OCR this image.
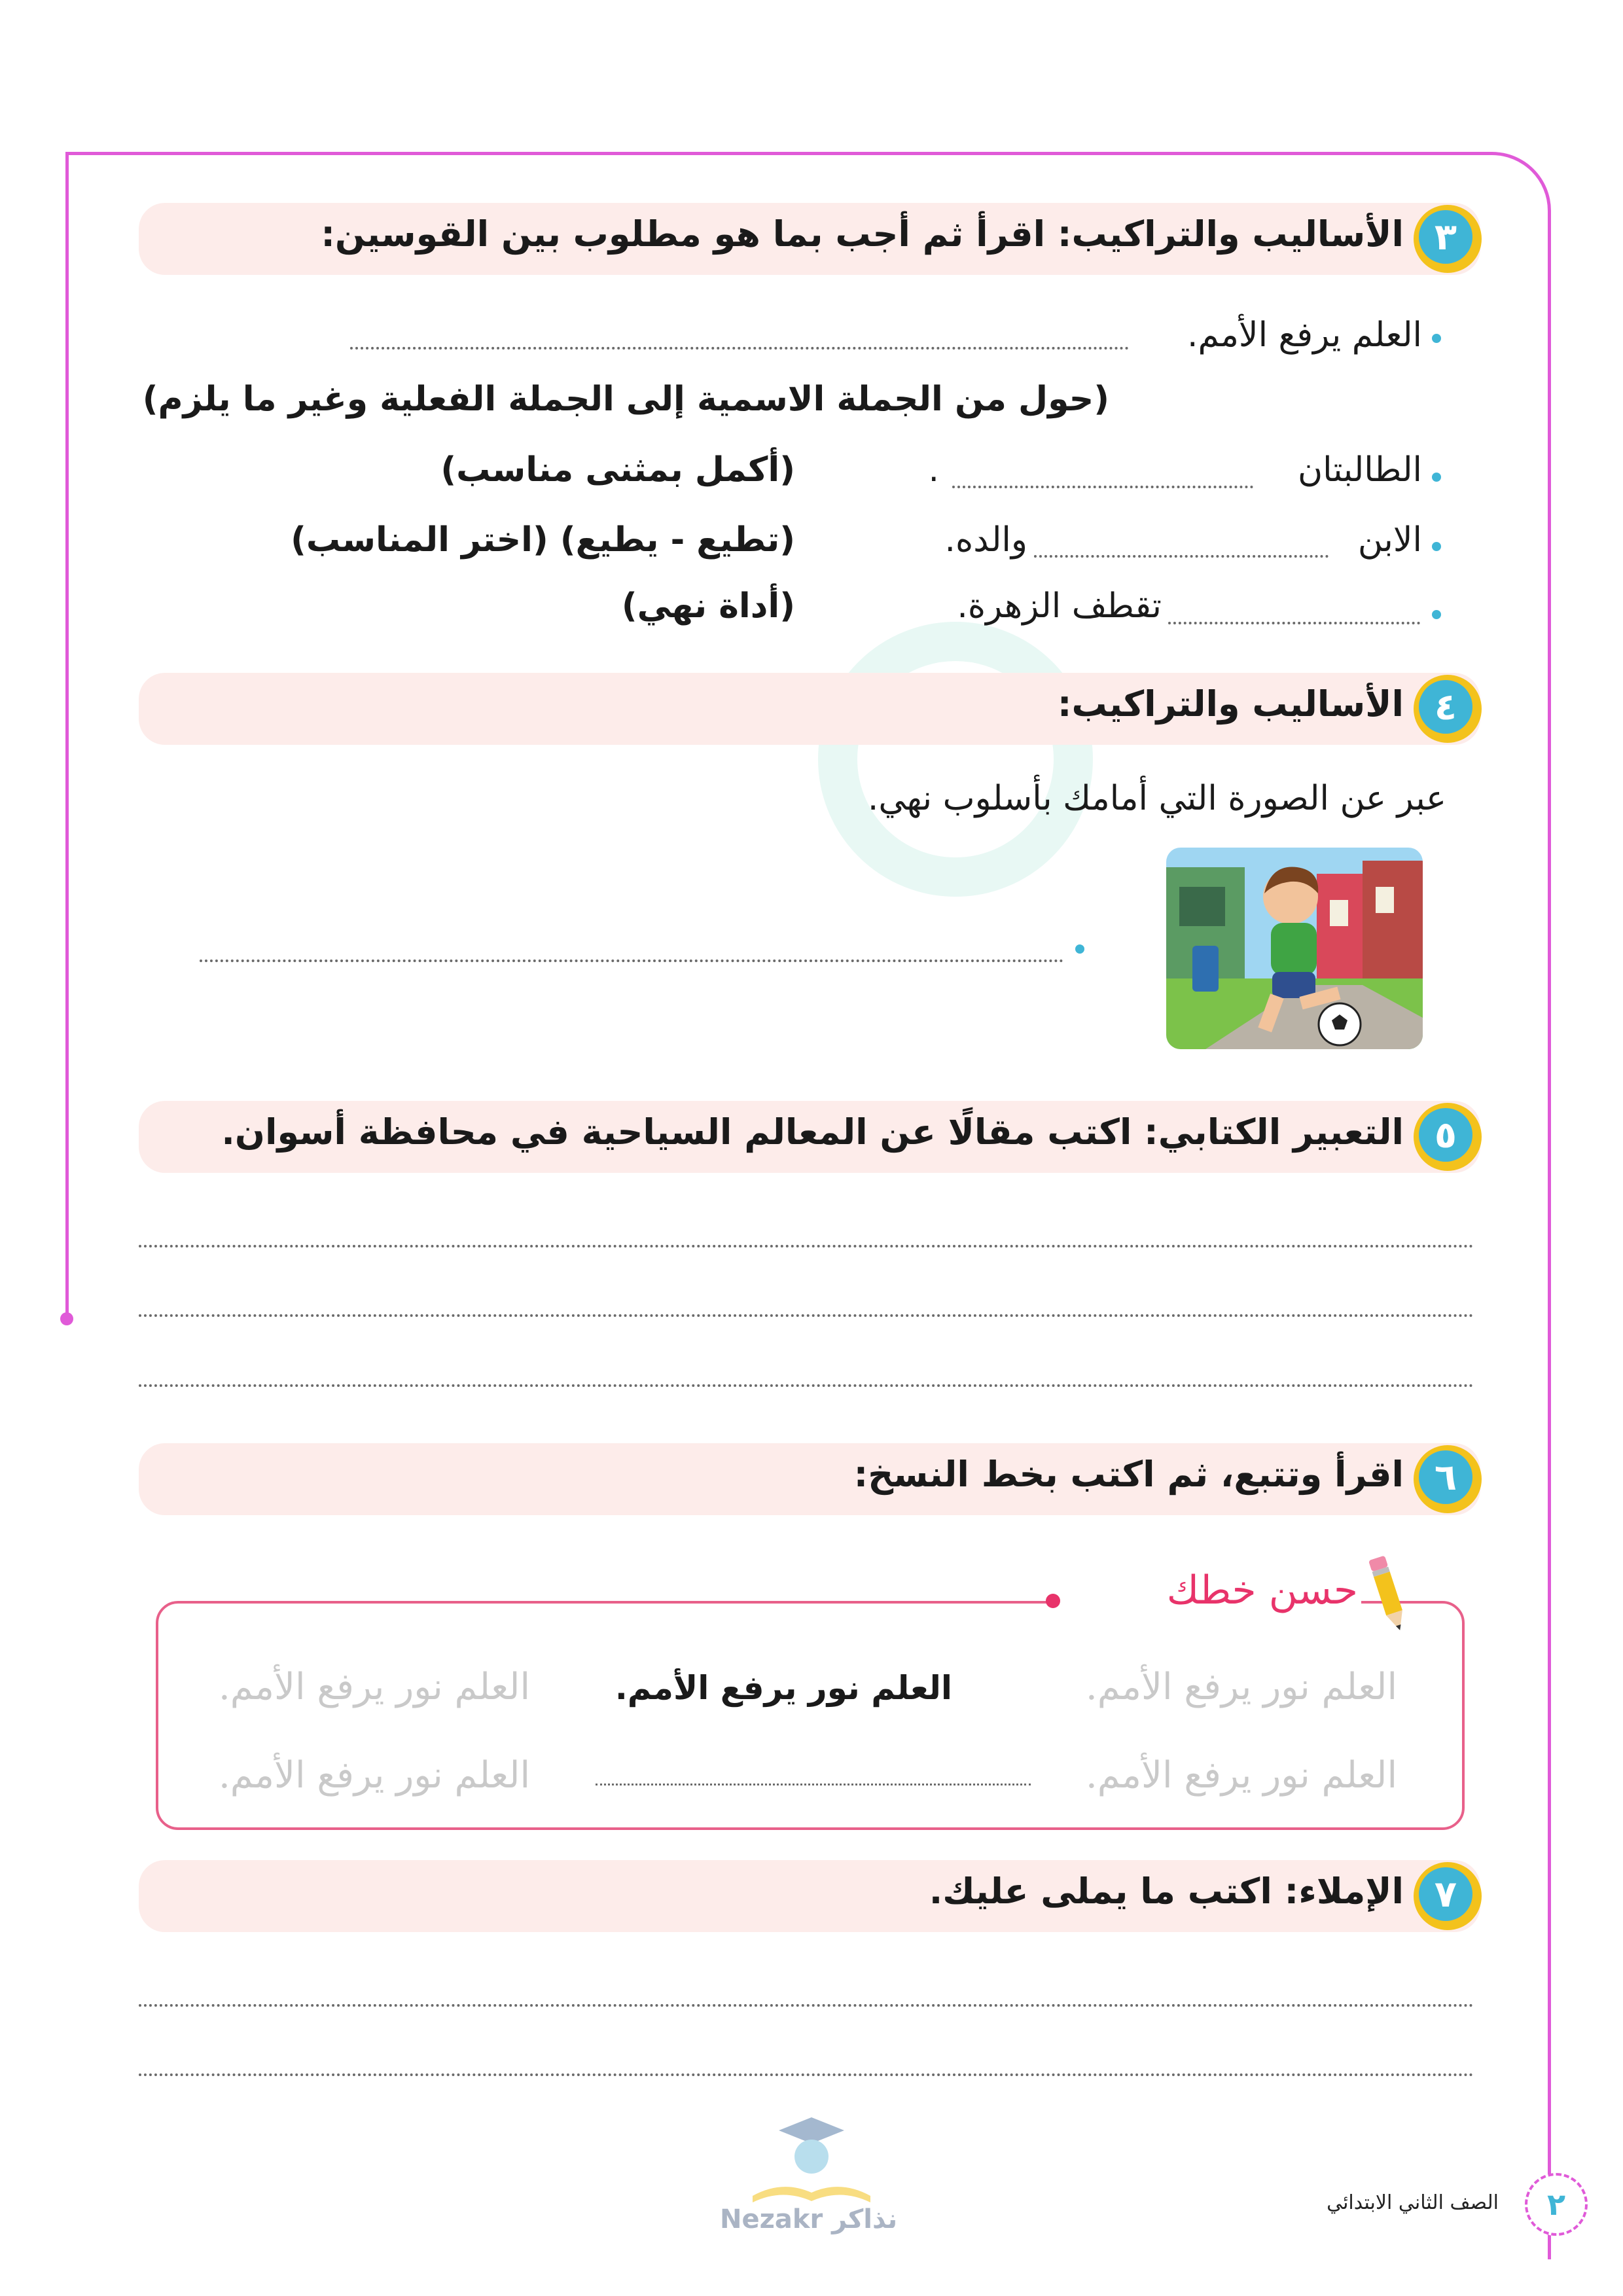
٣
الأساليب والتراكيب: اقرأ ثم أجب بما هو مطلوب بين القوسين:
العلم يرفع الأمم.
(حول من الجملة الاسمية إلى الجملة الفعلية وغير ما يلزم)
الطالبتان
.
(أكمل بمثنى مناسب)
الابن
والده.
(تطيع - يطيع) (اختر المناسب)
تقطف الزهرة.
(أداة نهي)
٤
الأساليب والتراكيب:
عبر عن الصورة التي أمامك بأسلوب نهي.
٥
التعبير الكتابي: اكتب مقالًا عن المعالم السياحية في محافظة أسوان.
٦
اقرأ وتتبع، ثم اكتب بخط النسخ:
حسن خطك
العلم نور يرفع الأمم.
العلم نور يرفع الأمم.
العلم نور يرفع الأمم.
العلم نور يرفع الأمم.
العلم نور يرفع الأمم.
٧
الإملاء: اكتب ما يملى عليك.
Nezakr نذاكر
الصف الثاني الابتدائي	٢
